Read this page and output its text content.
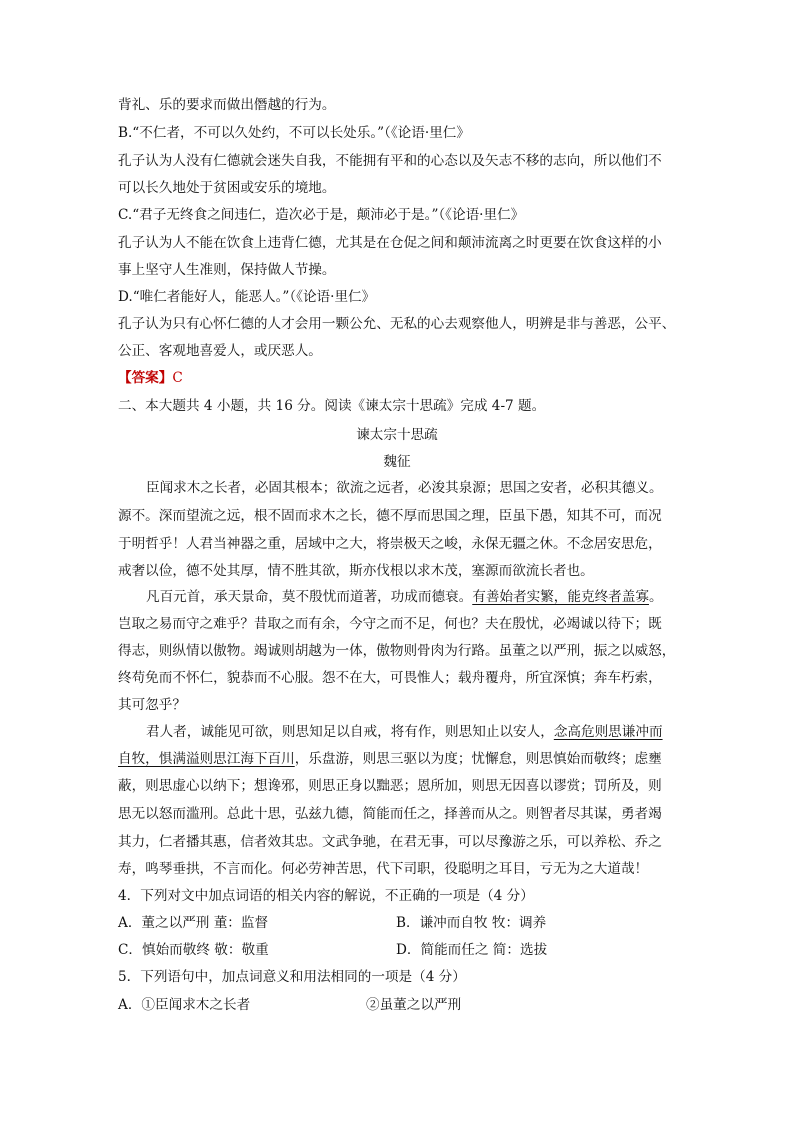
背礼、乐的要求而做出僭越的行为。
B.“不仁者，不可以久处约，不可以长处乐。”（《论语·里仁》
孔子认为人没有仁德就会迷失自我，不能拥有平和的心态以及矢志不移的志向，所以他们不
可以长久地处于贫困或安乐的境地。
C.“君子无终食之间违仁，造次必于是，颠沛必于是。”（《论语·里仁》
孔子认为人不能在饮食上违背仁德，尤其是在仓促之间和颠沛流离之时更要在饮食这样的小
事上坚守人生准则，保持做人节操。
D.“唯仁者能好人，能恶人。”（《论语·里仁》
孔子认为只有心怀仁德的人才会用一颗公允、无私的心去观察他人，明辨是非与善恶，公平、
公正、客观地喜爱人，或厌恶人。
【答案】C
二、本大题共 4 小题，共 16 分。阅读《谏太宗十思疏》完成 4-7 题。
谏太宗十思疏
魏征
臣闻求木之长者，必固其根本；欲流之远者，必浚其泉源；思国之安者，必积其德义。
源不。深而望流之远，根不固而求木之长，德不厚而思国之理，臣虽下愚，知其不可，而况
于明哲乎！人君当神器之重，居域中之大，将崇极天之峻，永保无疆之休。不念居安思危，
戒奢以俭，德不处其厚，情不胜其欲，斯亦伐根以求木茂，塞源而欲流长者也。
凡百元首，承天景命，莫不殷忧而道著，功成而德衰。有善始者实繁，能克终者盖寡。
岂取之易而守之难乎？昔取之而有余，今守之而不足，何也？夫在殷忧，必竭诚以待下；既
得志，则纵情以傲物。竭诚则胡越为一体，傲物则骨肉为行路。虽董之以严刑，振之以威怒，
终苟免而不怀仁，貌恭而不心服。怨不在大，可畏惟人；载舟覆舟，所宜深慎；奔车朽索，
其可忽乎？
君人者，诚能见可欲，则思知足以自戒，将有作，则思知止以安人，念高危则思谦冲而
自牧，惧满溢则思江海下百川，乐盘游，则思三驱以为度；忧懈怠，则思慎始而敬终；虑壅
蔽，则思虚心以纳下；想谗邪，则思正身以黜恶；恩所加，则思无因喜以谬赏；罚所及，则
思无以怒而滥刑。总此十思，弘兹九德，简能而任之，择善而从之。则智者尽其谋，勇者竭
其力，仁者播其惠，信者效其忠。文武争驰，在君无事，可以尽豫游之乐，可以养松、乔之
寿，鸣琴垂拱，不言而化。何必劳神苦思，代下司职，役聪明之耳目，亏无为之大道哉！
4．下列对文中加点词语的相关内容的解说，不正确的一项是（4 分）
A．董之以严刑 董：监督	B．谦冲而自牧 牧：调养
C．慎始而敬终 敬：敬重	D．简能而任之 简：选拔
5．下列语句中，加点词意义和用法相同的一项是（4 分）
A．①臣闻求木之长者	②虽董之以严刑
